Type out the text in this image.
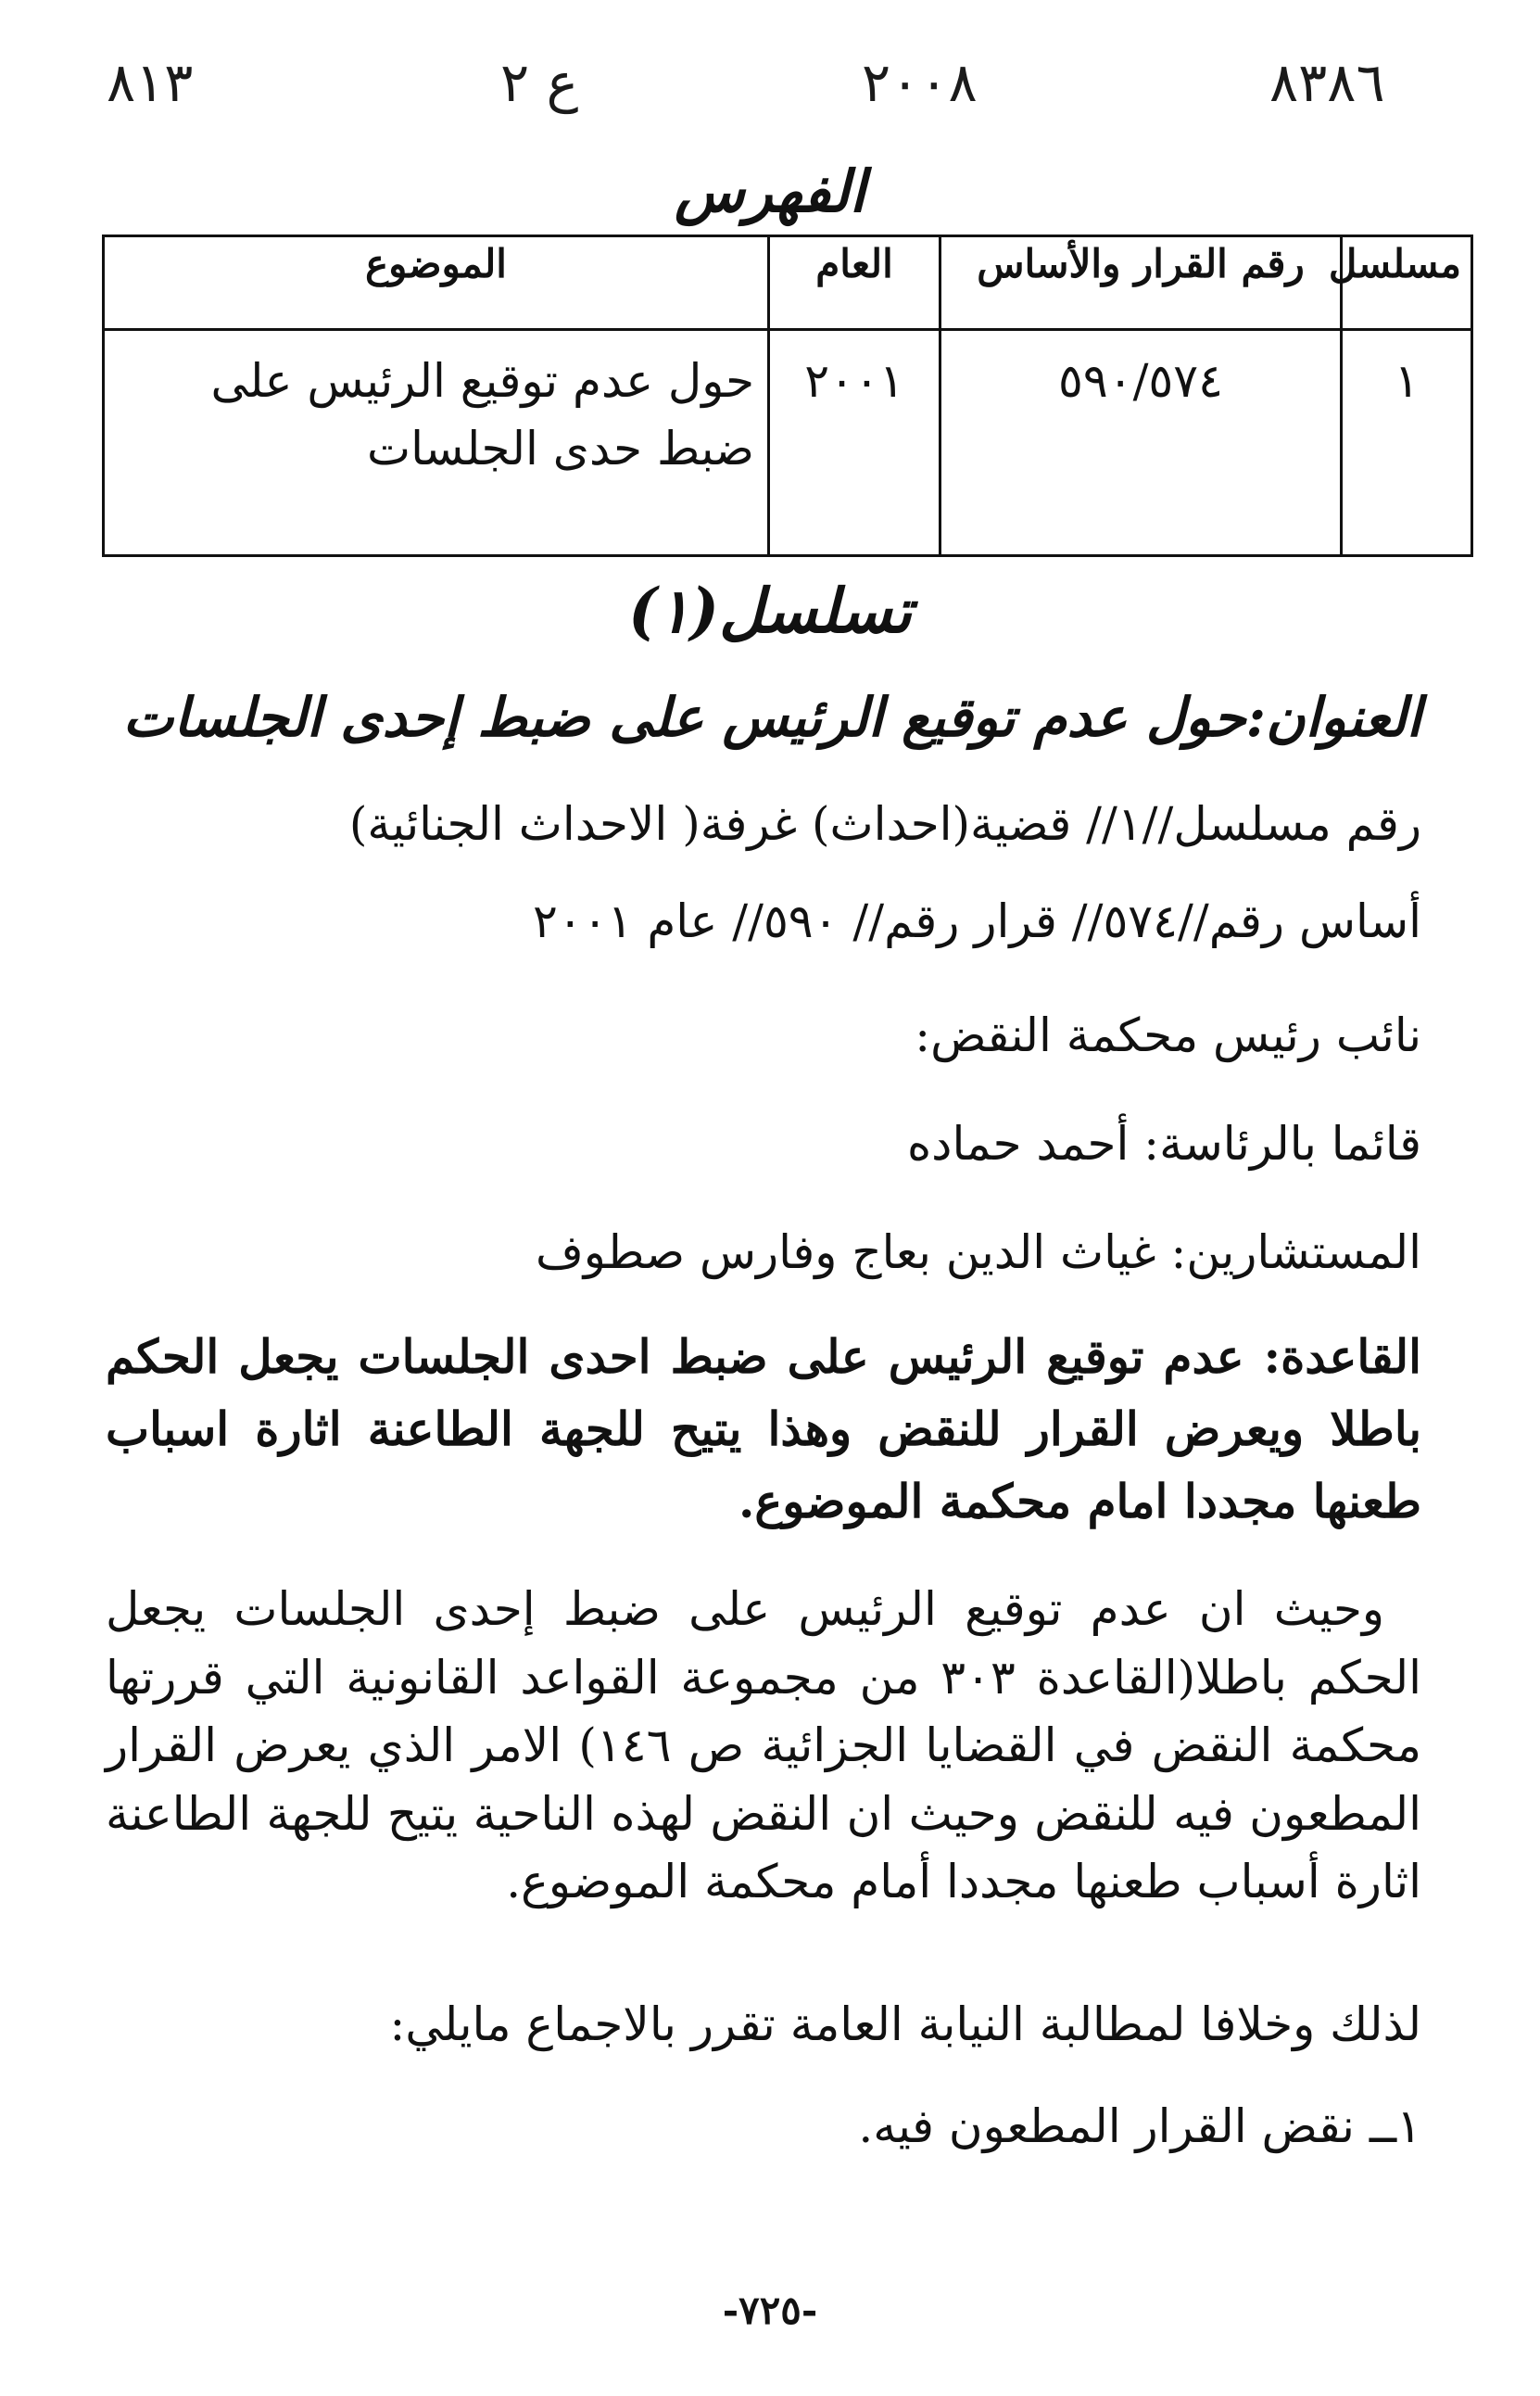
٨١٣	ع ٢	٢٠٠٨	٨٣٨٦
الفهرس
مسلسل	رقم القرار والأساس	العام	الموضوع
١	٥٩٠/٥٧٤	٢٠٠١	حول عدم توقيع الرئيس على ضبط حدى الجلسات
تسلسل(١)
العنوان:حول عدم توقيع الرئيس على ضبط إحدى الجلسات
رقم مسلسل//١// قضية(احداث) غرفة( الاحداث الجنائية)
أساس رقم//٥٧٤// قرار رقم// ٥٩٠// عام ٢٠٠١
نائب رئيس محكمة النقض:
قائما بالرئاسة: أحمد حماده
المستشارين: غياث الدين بعاج وفارس صطوف
القاعدة: عدم توقيع الرئيس على ضبط احدى الجلسات يجعل الحكم باطلا ويعرض القرار للنقض وهذا يتيح للجهة الطاعنة اثارة اسباب طعنها مجددا امام محكمة الموضوع.
وحيث ان عدم توقيع الرئيس على ضبط إحدى الجلسات يجعل الحكم باطلا(القاعدة ٣٠٣ من مجموعة القواعد القانونية التي قررتها محكمة النقض في القضايا الجزائية ص ١٤٦) الامر الذي يعرض القرار المطعون فيه للنقض وحيث ان النقض لهذه الناحية يتيح للجهة الطاعنة اثارة أسباب طعنها مجددا أمام محكمة الموضوع.
لذلك وخلافا لمطالبة النيابة العامة تقرر بالاجماع مايلي:
١ــ نقض القرار المطعون فيه.
-٧٢٥-
